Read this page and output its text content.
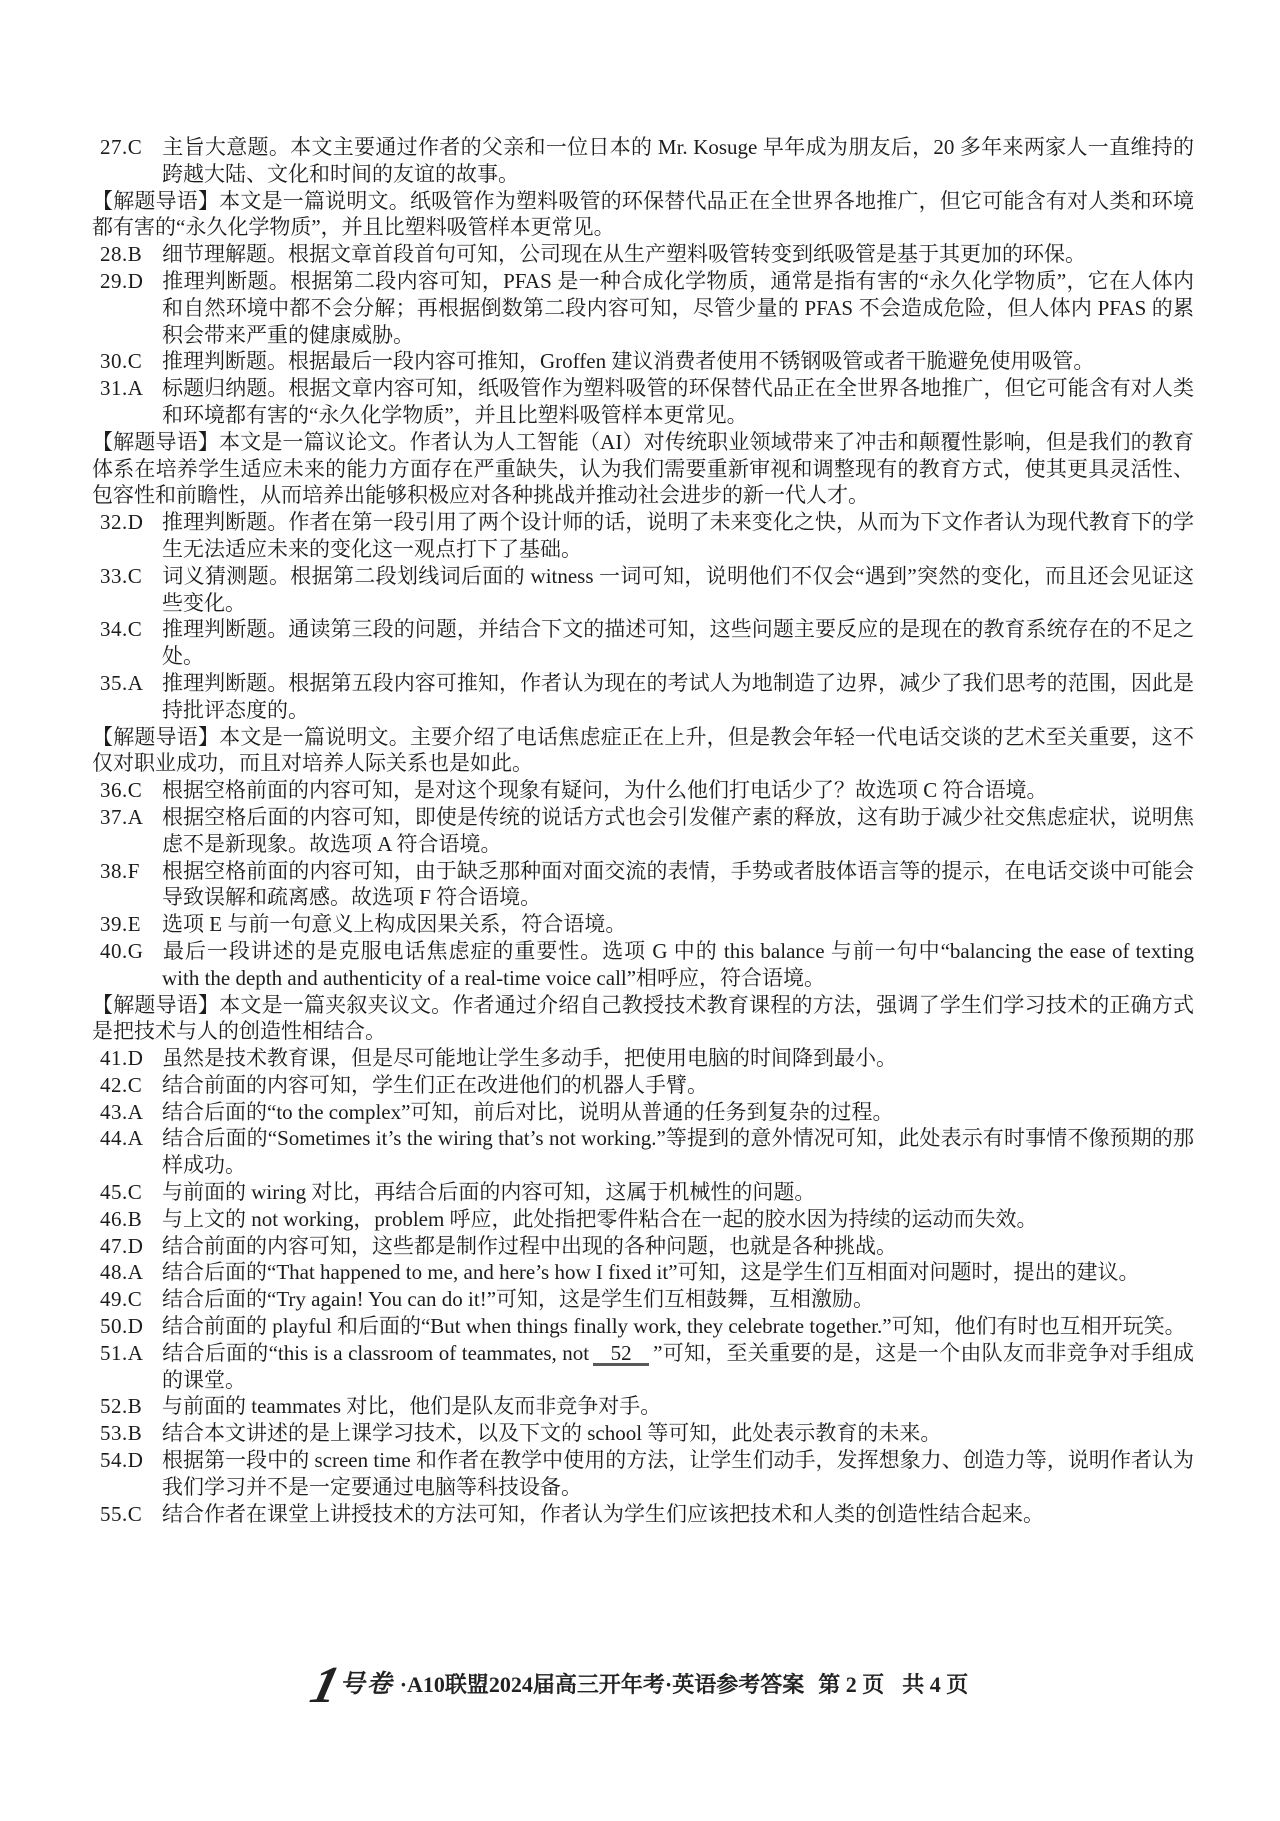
27.C 主旨大意题。本文主要通过作者的父亲和一位日本的 Mr. Kosuge 早年成为朋友后，20 多年来两家人一直维持的跨越大陆、文化和时间的友谊的故事。
【解题导语】本文是一篇说明文。纸吸管作为塑料吸管的环保替代品正在全世界各地推广，但它可能含有对人类和环境都有害的“永久化学物质”，并且比塑料吸管样本更常见。
28.B 细节理解题。根据文章首段首句可知，公司现在从生产塑料吸管转变到纸吸管是基于其更加的环保。
29.D 推理判断题。根据第二段内容可知，PFAS 是一种合成化学物质，通常是指有害的“永久化学物质”，它在人体内和自然环境中都不会分解；再根据倒数第二段内容可知，尽管少量的 PFAS 不会造成危险，但人体内 PFAS 的累积会带来严重的健康威胁。
30.C 推理判断题。根据最后一段内容可推知，Groffen 建议消费者使用不锈钢吸管或者干脆避免使用吸管。
31.A 标题归纳题。根据文章内容可知，纸吸管作为塑料吸管的环保替代品正在全世界各地推广，但它可能含有对人类和环境都有害的“永久化学物质”，并且比塑料吸管样本更常见。
【解题导语】本文是一篇议论文。作者认为人工智能（AI）对传统职业领域带来了冲击和颠覆性影响，但是我们的教育体系在培养学生适应未来的能力方面存在严重缺失，认为我们需要重新审视和调整现有的教育方式，使其更具灵活性、包容性和前瞻性，从而培养出能够积极应对各种挑战并推动社会进步的新一代人才。
32.D 推理判断题。作者在第一段引用了两个设计师的话，说明了未来变化之快，从而为下文作者认为现代教育下的学生无法适应未来的变化这一观点打下了基础。
33.C 词义猜测题。根据第二段划线词后面的 witness 一词可知，说明他们不仅会“遇到”突然的变化，而且还会见证这些变化。
34.C 推理判断题。通读第三段的问题，并结合下文的描述可知，这些问题主要反应的是现在的教育系统存在的不足之处。
35.A 推理判断题。根据第五段内容可推知，作者认为现在的考试人为地制造了边界，减少了我们思考的范围，因此是持批评态度的。
【解题导语】本文是一篇说明文。主要介绍了电话焦虑症正在上升，但是教会年轻一代电话交谈的艺术至关重要，这不仅对职业成功，而且对培养人际关系也是如此。
36.C 根据空格前面的内容可知，是对这个现象有疑问，为什么他们打电话少了？故选项 C 符合语境。
37.A 根据空格后面的内容可知，即使是传统的说话方式也会引发催产素的释放，这有助于减少社交焦虑症状，说明焦虑不是新现象。故选项 A 符合语境。
38.F 根据空格前面的内容可知，由于缺乏那种面对面交流的表情，手势或者肢体语言等的提示，在电话交谈中可能会导致误解和疏离感。故选项 F 符合语境。
39.E 选项 E 与前一句意义上构成因果关系，符合语境。
40.G 最后一段讲述的是克服电话焦虑症的重要性。选项 G 中的 this balance 与前一句中“balancing the ease of texting with the depth and authenticity of a real-time voice call”相呼应，符合语境。
【解题导语】本文是一篇夹叙夹议文。作者通过介绍自己教授技术教育课程的方法，强调了学生们学习技术的正确方式是把技术与人的创造性相结合。
41.D 虽然是技术教育课，但是尽可能地让学生多动手，把使用电脑的时间降到最小。
42.C 结合前面的内容可知，学生们正在改进他们的机器人手臂。
43.A 结合后面的“to the complex”可知，前后对比，说明从普通的任务到复杂的过程。
44.A 结合后面的“Sometimes it’s the wiring that’s not working.”等提到的意外情况可知，此处表示有时事情不像预期的那样成功。
45.C 与前面的 wiring 对比，再结合后面的内容可知，这属于机械性的问题。
46.B 与上文的 not working，problem 呼应，此处指把零件粘合在一起的胶水因为持续的运动而失效。
47.D 结合前面的内容可知，这些都是制作过程中出现的各种问题，也就是各种挑战。
48.A 结合后面的“That happened to me, and here’s how I fixed it”可知，这是学生们互相面对问题时，提出的建议。
49.C 结合后面的“Try again! You can do it!”可知，这是学生们互相鼓舞，互相激励。
50.D 结合前面的 playful 和后面的“But when things finally work, they celebrate together.”可知，他们有时也互相开玩笑。
51.A 结合后面的“this is a classroom of teammates, not 52 ”可知，至关重要的是，这是一个由队友而非竞争对手组成的课堂。
52.B 与前面的 teammates 对比，他们是队友而非竞争对手。
53.B 结合本文讲述的是上课学习技术，以及下文的 school 等可知，此处表示教育的未来。
54.D 根据第一段中的 screen time 和作者在教学中使用的方法，让学生们动手，发挥想象力、创造力等，说明作者认为我们学习并不是一定要通过电脑等科技设备。
55.C 结合作者在课堂上讲授技术的方法可知，作者认为学生们应该把技术和人类的创造性结合起来。
1号卷 ·A10联盟2024届高三开年考·英语参考答案 第 2 页 共 4 页
